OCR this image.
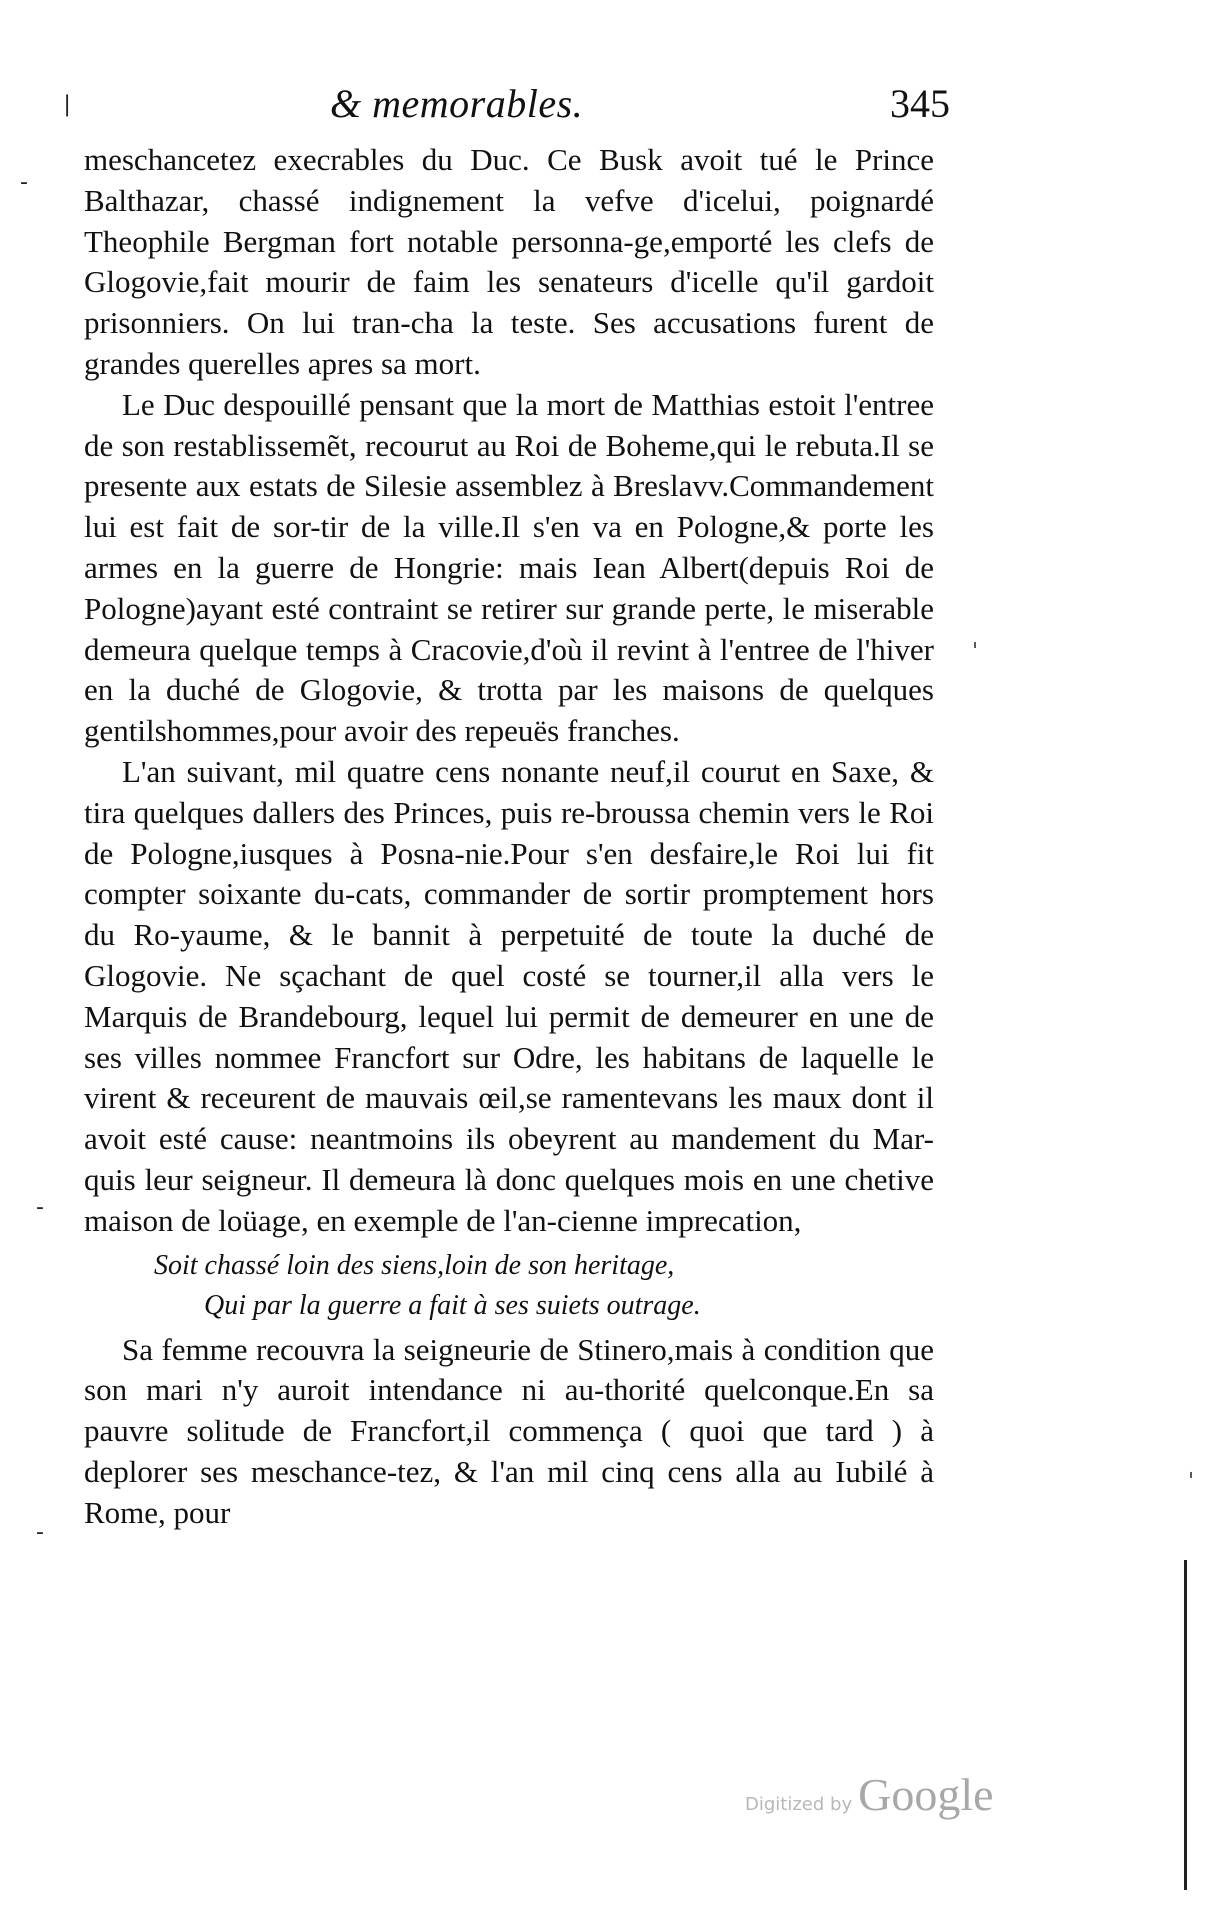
& memorables.	345

meschancetez execrables du Duc. Ce Busk avoit tué le Prince Balthazar, chassé indignement la vefve d'icelui, poignardé Theophile Bergman fort notable personna-ge,emporté les clefs de Glogovie,fait mourir de faim les senateurs d'icelle qu'il gardoit prisonniers. On lui tran-cha la teste. Ses accusations furent de grandes querelles apres sa mort.

Le Duc despouillé pensant que la mort de Matthias estoit l'entree de son restablissemẽt, recourut au Roi de Boheme,qui le rebuta.Il se presente aux estats de Silesie assemblez à Breslavv.Commandement lui est fait de sor-tir de la ville.Il s'en va en Pologne,& porte les armes en la guerre de Hongrie: mais Iean Albert(depuis Roi de Pologne)ayant esté contraint se retirer sur grande perte, le miserable demeura quelque temps à Cracovie,d'où il revint à l'entree de l'hiver en la duché de Glogovie, & trotta par les maisons de quelques gentilshommes,pour avoir des repeuës franches.

L'an suivant, mil quatre cens nonante neuf,il courut en Saxe, & tira quelques dallers des Princes, puis re-broussa chemin vers le Roi de Pologne,iusques à Posna-nie.Pour s'en desfaire,le Roi lui fit compter soixante du-cats, commander de sortir promptement hors du Ro-yaume, & le bannit à perpetuité de toute la duché de Glogovie. Ne sçachant de quel costé se tourner,il alla vers le Marquis de Brandebourg, lequel lui permit de demeurer en une de ses villes nommee Francfort sur Odre, les habitans de laquelle le virent & receurent de mauvais œil,se ramentevans les maux dont il avoit esté cause: neantmoins ils obeyrent au mandement du Mar-quis leur seigneur. Il demeura là donc quelques mois en une chetive maison de loüage, en exemple de l'an-cienne imprecation,

Soit chassé loin des siens,loin de son heritage,
Qui par la guerre a fait à ses suiets outrage.

Sa femme recouvra la seigneurie de Stinero,mais à condition que son mari n'y auroit intendance ni au-thorité quelconque.En sa pauvre solitude de Francfort,il commença ( quoi que tard ) à deplorer ses meschance-tez, & l'an mil cinq cens alla au Iubilé à Rome, pour

❘
‐
‐
‐
ˈ
ˈ
Digitized by Google
